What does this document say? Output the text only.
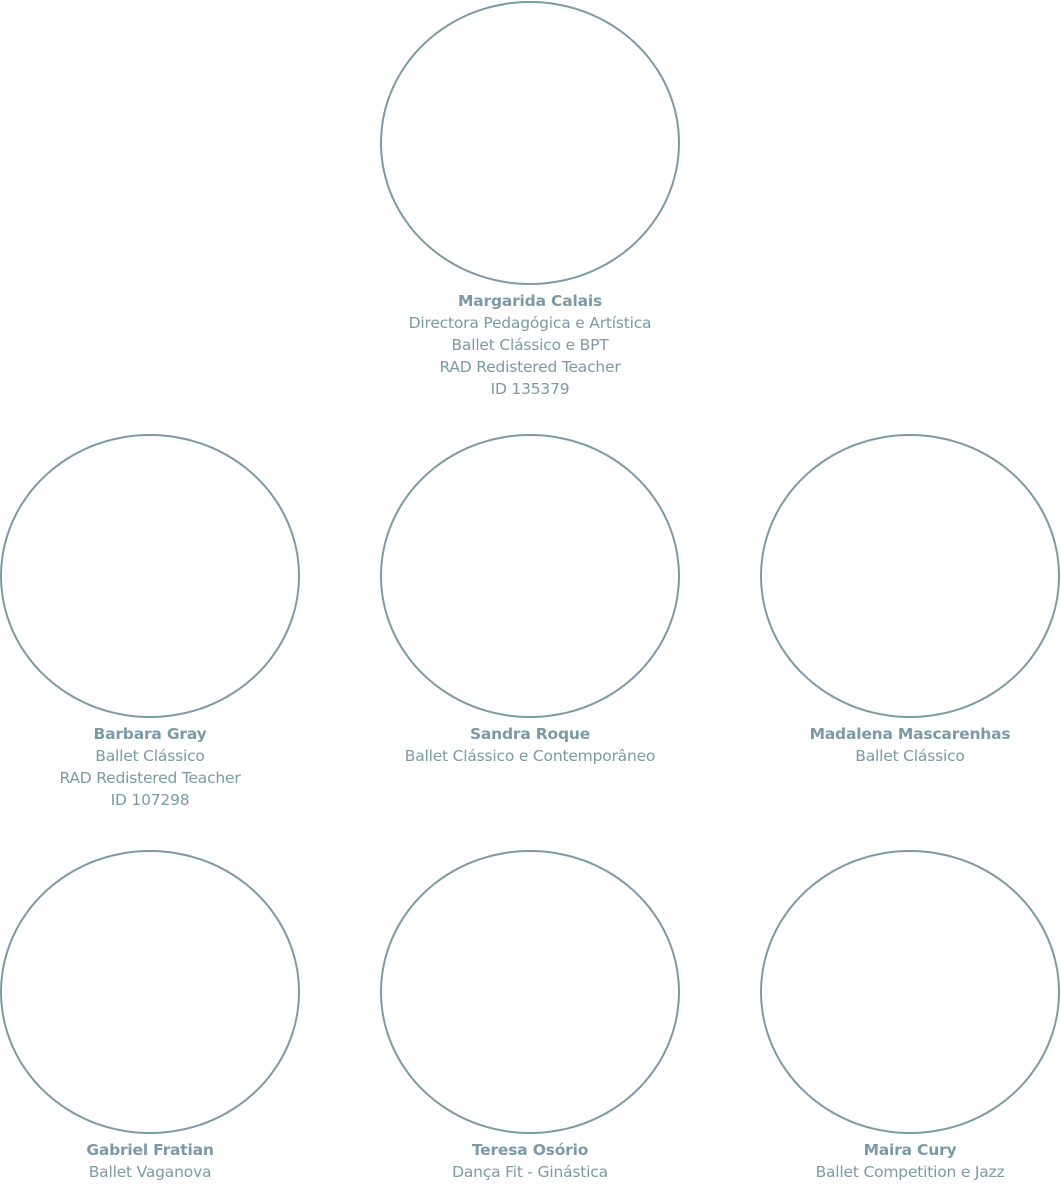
Margarida Calais
Directora Pedagógica e Artística
Ballet Clássico e BPT
RAD Redistered Teacher
ID 135379
Barbara Gray
Ballet Clássico
RAD Redistered Teacher
ID 107298
Sandra Roque
Ballet Clássico e Contemporâneo
Madalena Mascarenhas
Ballet Clássico
Gabriel Fratian
Ballet Vaganova
Teresa Osório
Dança Fit - Ginástica
Maira Cury
Ballet Competition e Jazz
